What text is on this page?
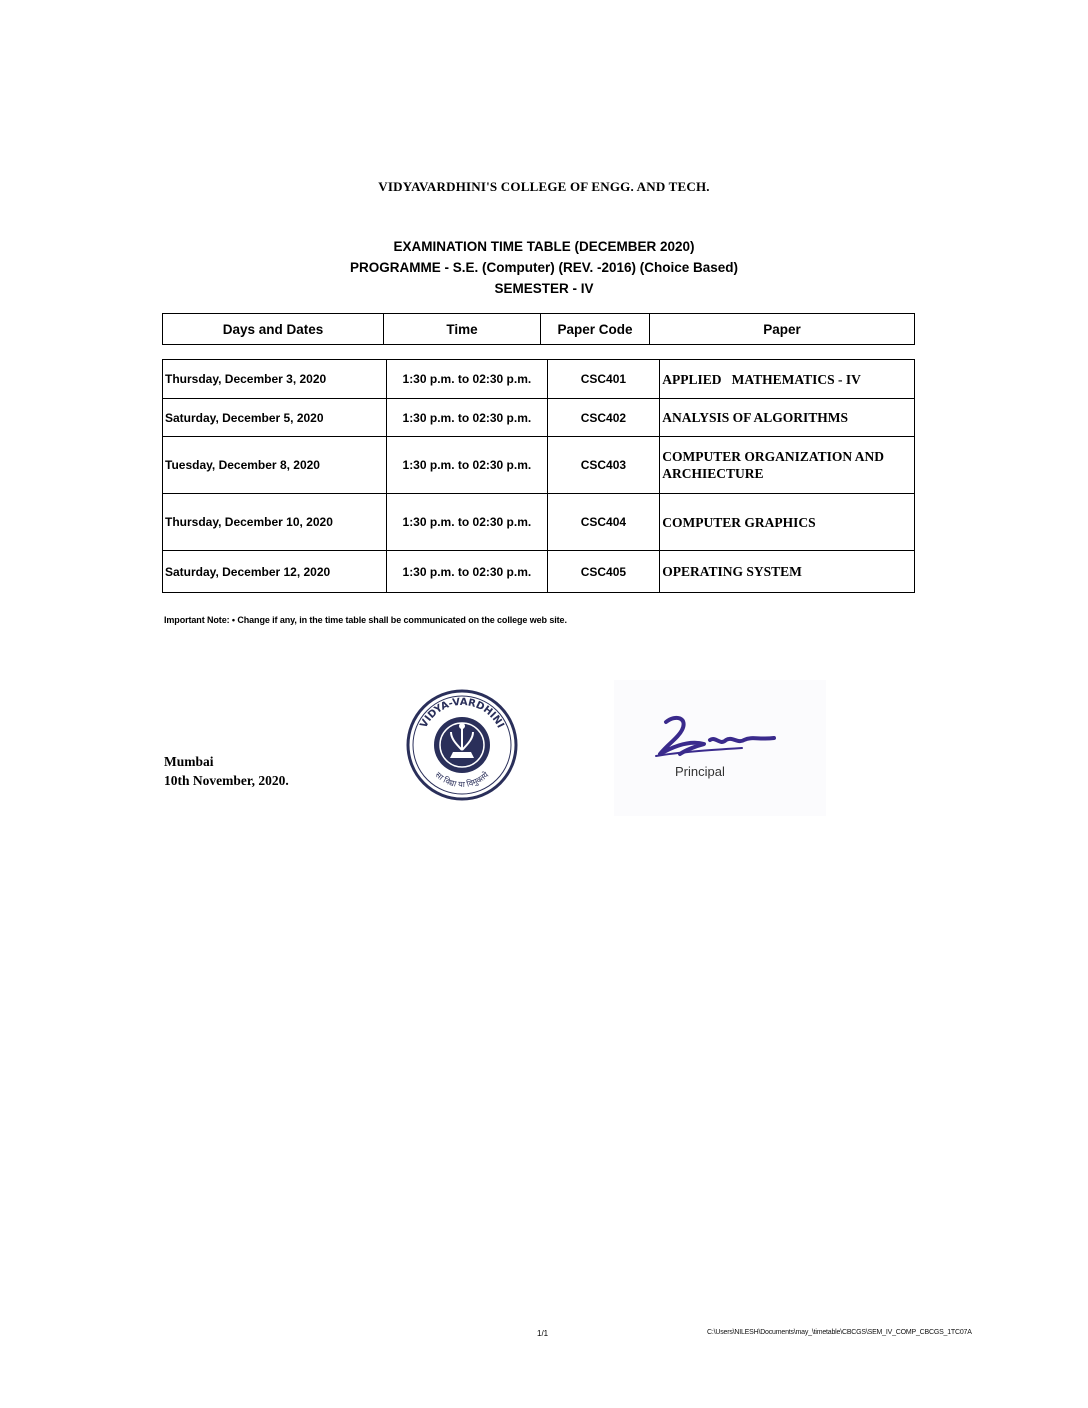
VIDYAVARDHINI'S COLLEGE OF ENGG. AND TECH.
EXAMINATION TIME TABLE (DECEMBER 2020)
PROGRAMME - S.E. (Computer) (REV. -2016) (Choice Based)
SEMESTER - IV
Days and Dates	Time	Paper Code	Paper
Thursday, December 3, 2020	1:30 p.m. to 02:30 p.m.	CSC401	APPLIED   MATHEMATICS - IV
Saturday, December 5, 2020	1:30 p.m. to 02:30 p.m.	CSC402	ANALYSIS OF ALGORITHMS
Tuesday, December 8, 2020	1:30 p.m. to 02:30 p.m.	CSC403	COMPUTER ORGANIZATION AND ARCHIECTURE
Thursday, December 10, 2020	1:30 p.m. to 02:30 p.m.	CSC404	COMPUTER GRAPHICS
Saturday, December 12, 2020	1:30 p.m. to 02:30 p.m.	CSC405	OPERATING SYSTEM
Important Note: • Change if any, in the time table shall be communicated on the college web site.
Mumbai
10th November, 2020.
VIDYA-VARDHINI
सा विद्या या विमुक्तये	Principal
1/1	C:\Users\NILESH\Documents\may_\timetable\CBCGS\SEM_IV_COMP_CBCGS_1TC07A
